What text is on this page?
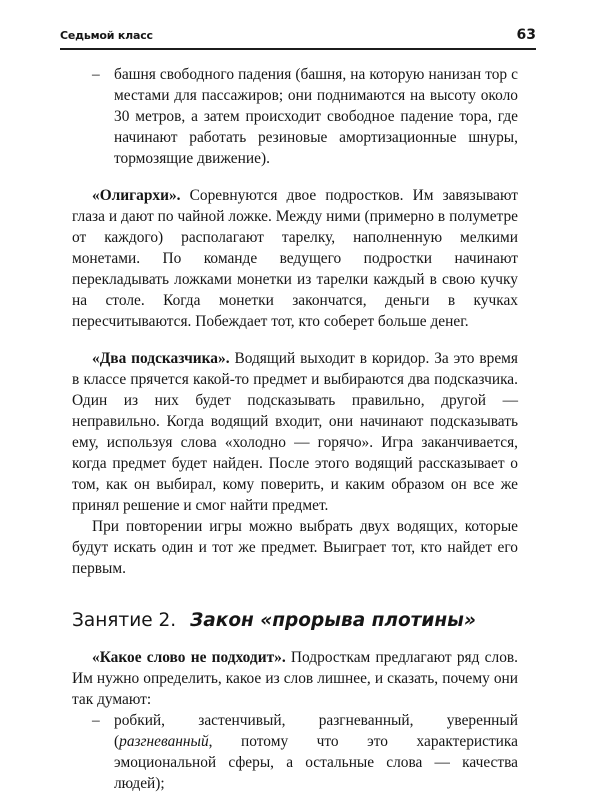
Седьмой класс	63
– башня свободного падения (башня, на которую нанизан тор с местами для пассажиров; они поднимаются на высоту около 30 метров, а затем происходит свободное падение тора, где начинают работать резиновые амортизационные шнуры, тормозящие движение).

«Олигархи». Соревнуются двое подростков. Им завязывают глаза и дают по чайной ложке. Между ними (примерно в полуметре от каждого) располагают тарелку, наполненную мелкими монетами. По команде ведущего подростки начинают перекладывать ложками монетки из тарелки каждый в свою кучку на столе. Когда монетки закончатся, деньги в кучках пересчитываются. Побеждает тот, кто соберет больше денег.

«Два подсказчика». Водящий выходит в коридор. За это время в классе прячется какой-то предмет и выбираются два подсказчика. Один из них будет подсказывать правильно, другой — неправильно. Когда водящий входит, они начинают подсказывать ему, используя слова «холодно — горячо». Игра заканчивается, когда предмет будет найден. После этого водящий рассказывает о том, как он выбирал, кому поверить, и каким образом он все же принял решение и смог найти предмет.

При повторении игры можно выбрать двух водящих, которые будут искать один и тот же предмет. Выиграет тот, кто найдет его первым.

Занятие 2. Закон «прорыва плотины»

«Какое слово не подходит». Подросткам предлагают ряд слов. Им нужно определить, какое из слов лишнее, и сказать, почему они так думают:

– робкий, застенчивый, разгневанный, уверенный (разгневанный, потому что это характеристика эмоциональной сферы, а остальные слова — качества людей);
